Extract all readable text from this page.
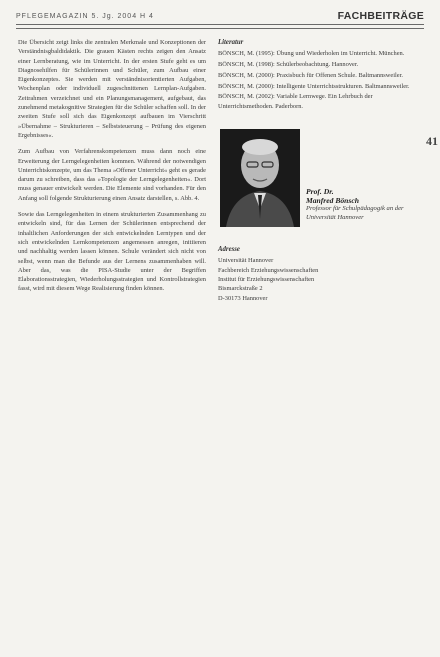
PFLEGEMAGAZIN 5. Jg. 2004 H 4	FACHBEITRÄGE
41

Die Übersicht zeigt links die zentralen Merkmale und Konzeptionen der Verständnisgbaldidaktik. Die grauen Kästen rechts zeigen den Ansatz einer Lernberatung, wie im Unterricht. In der ersten Stufe geht es um Diagnosehilfen für Schülerinnen und Schüler, zum Aufbau einer Eigenkonzeptes. Sie werden mit verständnisorientierten Aufgaben, Wochenplan oder individuell zugeschnittenen Lernplan-Aufgaben. Zeitrahmen verzeichnet und ein Planungsmanagement, aufgebaut, das zunehmend metakognitive Strategien für die Schüler schaffen soll. In der zweiten Stufe soll sich das Eigenkonzept aufbauen im Vierschritt »Übernahme – Strukturieren – Selbststeuerung – Prüfung des eigenen Ergebnisses«.

Zum Aufbau von Verfahrenskompetenzen muss dann noch eine Erweiterung der Lerngelegenheiten kommen. Während der notwendigen Unterrichtskonzepte, um das Thema »Offener Unterricht« geht es gerade darum zu schreiben, dass das »Topologie der Lerngelegenheiten«. Dort muss genauer entwickelt werden. Die Elemente sind vorhanden. Für den Anfang soll folgende Strukturierung einen Ansatz darstellen, s. Abb. 4.

Sowie das Lerngelegenheiten in einem strukturierten Zusammenhang zu entwickeln sind, für das Lernen der Schülerinnen entsprechend der inhaltlichen Anforderungen der sich entwickelnden Lerntypen und der sich entwickelnden Lernkompetenzen angemessen anregen, initiieren und nachhaltig werden lassen können. Schule verändert sich nicht von selbst, wenn man die Befunde aus der Lernens zusammenhaben will. Aber das, was die PISA-Studie unter der Begriffen Elaborationsstrategien, Wiederholungsstrategien und Kontrollstrategien fasst, wird mit diesem Wege Realisierung finden können.

Literatur
BÖNSCH, M. (1995): Übung und Wiederholen im Unterricht. München.
BÖNSCH, M. (1998): Schülerbeobachtung. Hannover.
BÖNSCH, M. (2000): Praxisbuch für Offenen Schule. Baltmannsweiler.
BÖNSCH, M. (2000): Intelligente Unterrichtsstrukturen. Baltmannsweiler.
BÖNSCH, M. (2002): Variable Lernwege. Ein Lehrbuch der Unterrichtsmethoden. Paderborn.
Prof. Dr.
Manfred Bönsch
Professor für Schulpädagogik an der Universität Hannover
Adresse
Universität Hannover
Fachbereich Erziehungswissenschaften
Institut für Erziehungswissenschaften
Bismarckstraße 2
D-30173 Hannover
